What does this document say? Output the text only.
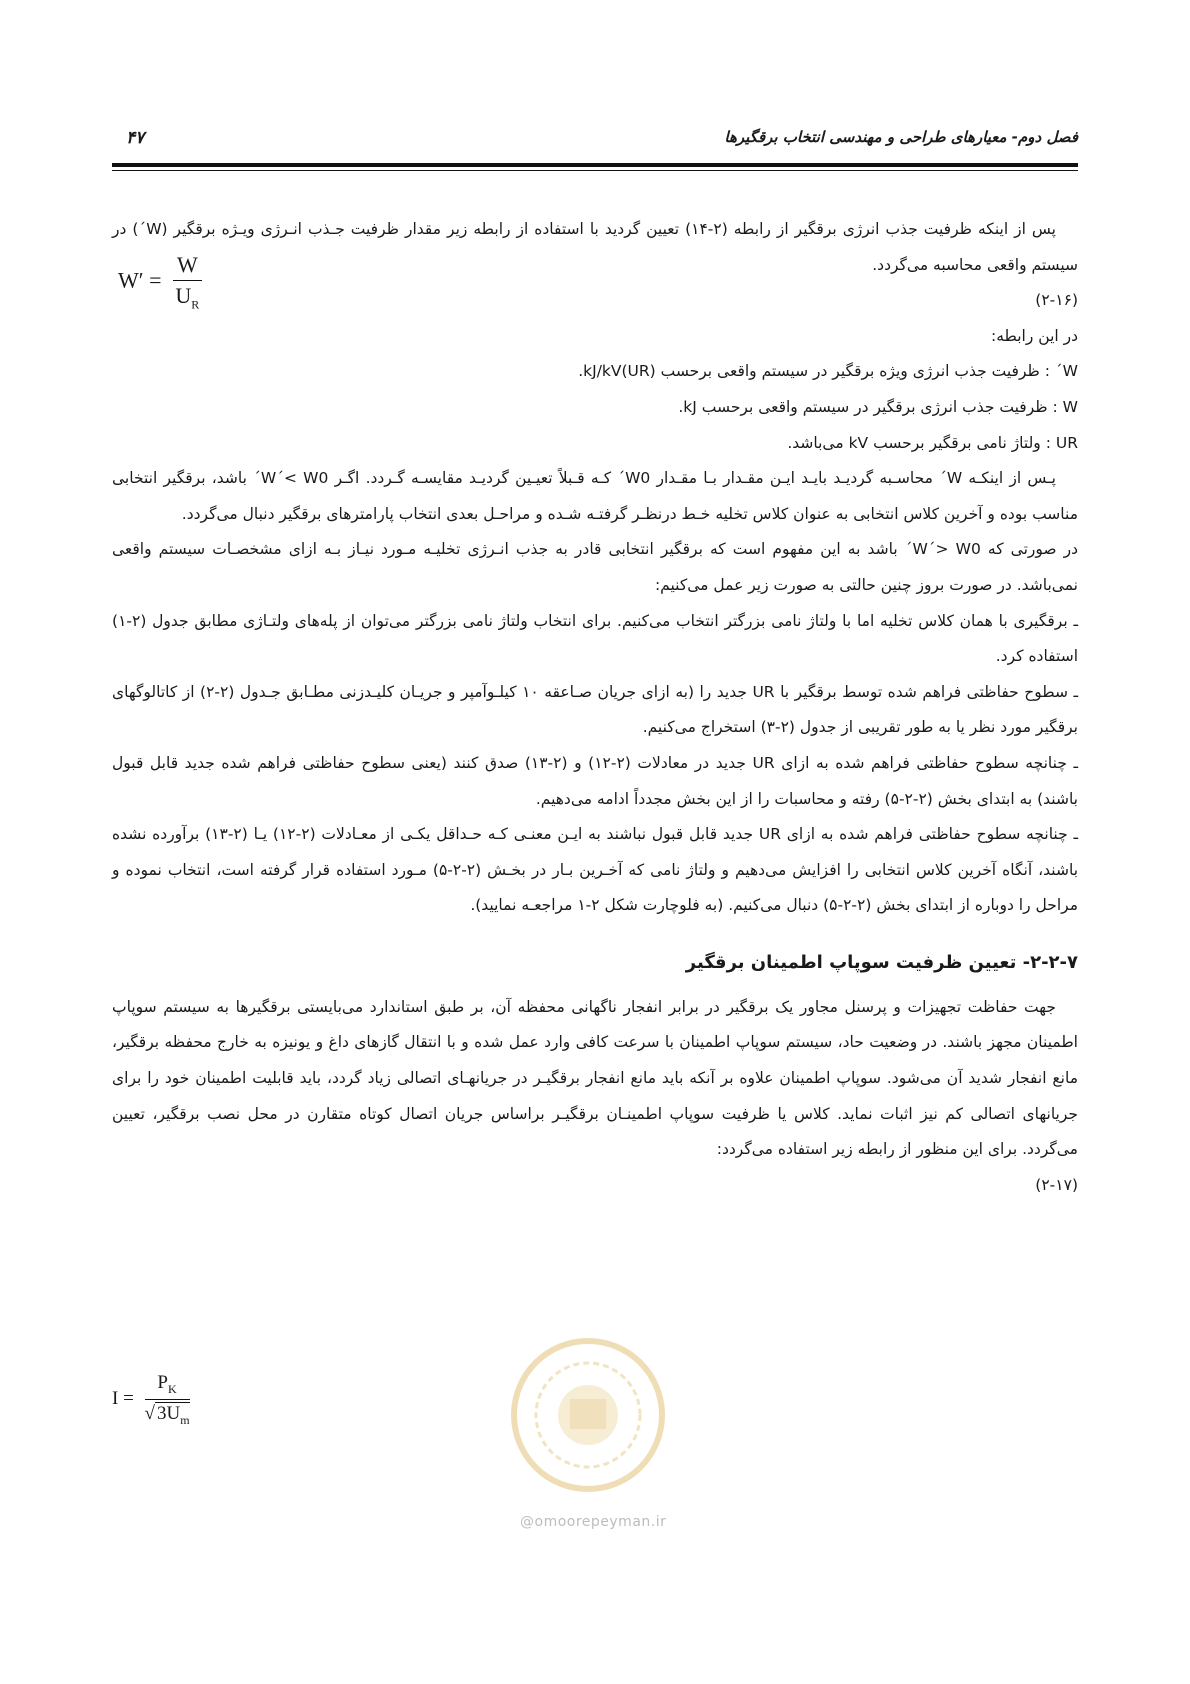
فصل دوم- معیارهای طراحی و مهندسی انتخاب برقگیرها
۴۷

پس از اینکه ظرفیت جذب انرژی برقگیر از رابطه (۲-۱۴) تعیین گردید با استفاده از رابطه زیر مقدار ظرفیت جـذب انـرژی ویـژه برقگیر (W´) در سیستم واقعی محاسبه می‌گردد.

(۲-۱۶)

در این رابطه:

W´ : ظرفیت جذب انرژی ویژه برقگیر در سیستم واقعی برحسب kJ/kV(UR).

W : ظرفیت جذب انرژی برقگیر در سیستم واقعی برحسب kJ.

UR : ولتاژ نامی برقگیر برحسب kV می‌باشد.

پـس از اینکـه W´ محاسـبه گردیـد بایـد ایـن مقـدار بـا مقـدار W0´ کـه قـبلاً تعیـین گردیـد مقایسـه گـردد. اگـر W´< W0´ باشد، برقگیر انتخابی مناسب بوده و آخرین کلاس انتخابی به عنوان کلاس تخلیه خـط درنظـر گرفتـه شـده و مراحـل بعدی انتخاب پارامترهای برقگیر دنبال می‌گردد.

در صورتی که W´> W0´ باشد به این مفهوم است که برقگیر انتخابی قادر به جذب انـرژی تخلیـه مـورد نیـاز بـه ازای مشخصـات سیستم واقعی نمی‌باشد. در صورت بروز چنین حالتی به صورت زیر عمل می‌کنیم:

ـ برقگیری با همان کلاس تخلیه اما با ولتاژ نامی بزرگتر انتخاب می‌کنیم. برای انتخاب ولتاژ نامی بزرگتر می‌توان از پله‌های ولتـاژی مطابق جدول (۲-۱) استفاده کرد.

ـ سطوح حفاظتی فراهم شده توسط برقگیر با UR جدید را (به ازای جریان صـاعقه ۱۰ کیلـوآمپر و جریـان کلیـدزنی مطـابق جـدول (۲-۲) از کاتالوگهای برقگیر مورد نظر یا به طور تقریبی از جدول (۲-۳) استخراج می‌کنیم.

ـ چنانچه سطوح حفاظتی فراهم شده به ازای UR جدید در معادلات (۲-۱۲) و (۲-۱۳) صدق کنند (یعنی سطوح حفاظتی فراهم شده جدید قابل قبول باشند) به ابتدای بخش (۲-۲-۵) رفته و محاسبات را از این بخش مجدداً ادامه می‌دهیم.

ـ چنانچه سطوح حفاظتی فراهم شده به ازای UR جدید قابل قبول نباشند به ایـن معنـی کـه حـداقل یکـی از معـادلات (۲-۱۲) یـا (۲-۱۳) برآورده نشده باشند، آنگاه آخرین کلاس انتخابی را افزایش می‌دهیم و ولتاژ نامی که آخـرین بـار در بخـش (۲-۲-۵) مـورد استفاده قرار گرفته است، انتخاب نموده و مراحل را دوباره از ابتدای بخش (۲-۲-۵) دنبال می‌کنیم. (به فلوچارت شکل ۲-۱ مراجعـه نمایید).

۲-۲-۷- تعیین ظرفیت سوپاپ اطمینان برقگیر

جهت حفاظت تجهیزات و پرسنل مجاور یک برقگیر در برابر انفجار ناگهانی محفظه آن، بر طبق استاندارد می‌بایستی برقگیرها به سیستم سوپاپ اطمینان مجهز باشند. در وضعیت حاد، سیستم سوپاپ اطمینان با سرعت کافی وارد عمل شده و با انتقال گازهای داغ و یونیزه به خارج محفظه برقگیر، مانع انفجار شدید آن می‌شود. سوپاپ اطمینان علاوه بر آنکه باید مانع انفجار برقگیـر در جریانهـای اتصالی زیاد گردد، باید قابلیت اطمینان خود را برای جریانهای اتصالی کم نیز اثبات نماید. کلاس یا ظرفیت سوپاپ اطمینـان برقگیـر براساس جریان اتصال کوتاه متقارن در محل نصب برقگیر، تعیین می‌گردد. برای این منظور از رابطه زیر استفاده می‌گردد:

(۲-۱۷)

$W' = \frac{W}{U_R}$
$I = \frac{P_K}{√ 3U_m}$
@omoorepeyman.ir
